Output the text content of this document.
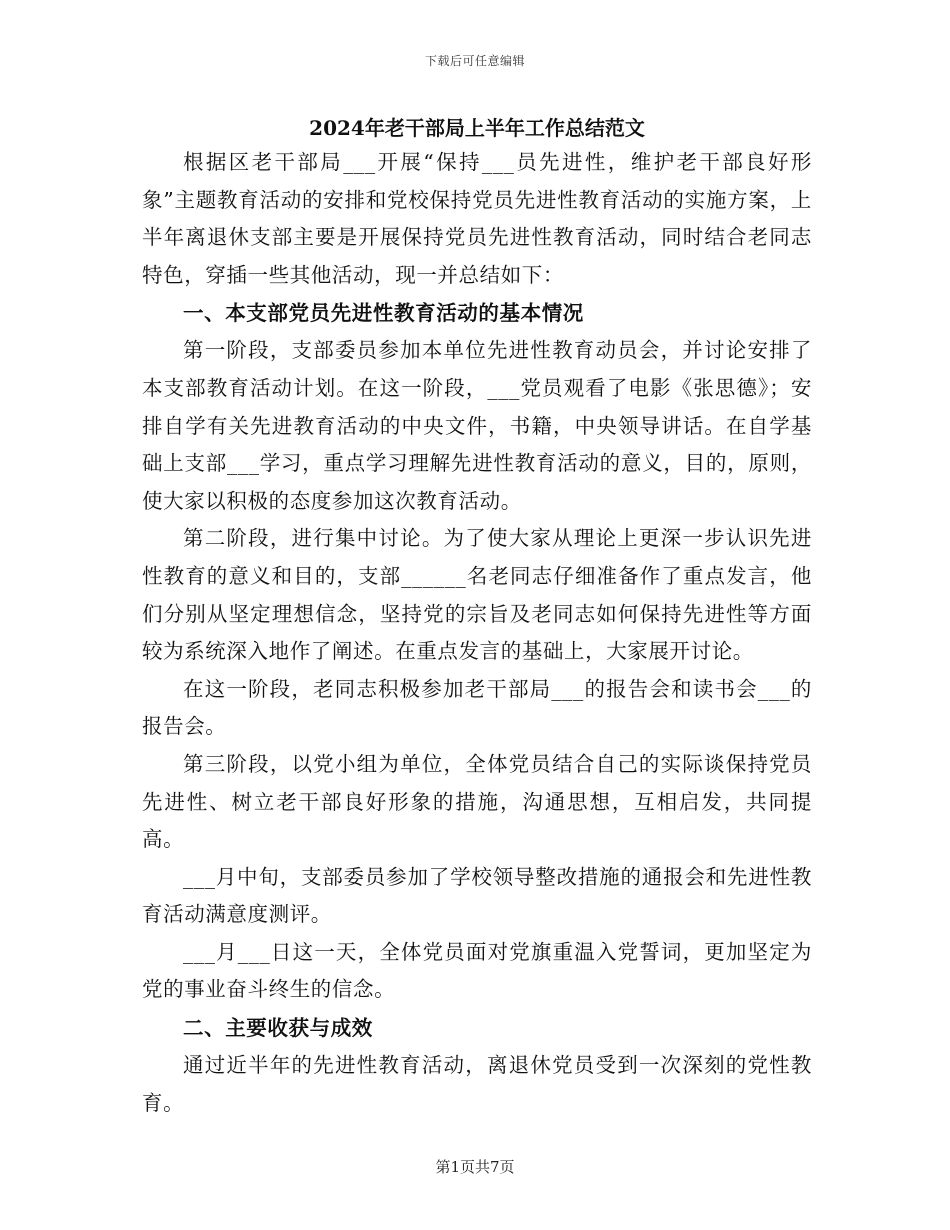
下载后可任意编辑
2024年老干部局上半年工作总结范文

根据区老干部局___开展“保持___员先进性，维护老干部良好形象”主题教育活动的安排和党校保持党员先进性教育活动的实施方案，上半年离退休支部主要是开展保持党员先进性教育活动，同时结合老同志特色，穿插一些其他活动，现一并总结如下：

一、本支部党员先进性教育活动的基本情况

第一阶段，支部委员参加本单位先进性教育动员会，并讨论安排了本支部教育活动计划。在这一阶段，___党员观看了电影《张思德》；安排自学有关先进教育活动的中央文件，书籍，中央领导讲话。在自学基础上支部___学习，重点学习理解先进性教育活动的意义，目的，原则，使大家以积极的态度参加这次教育活动。

第二阶段，进行集中讨论。为了使大家从理论上更深一步认识先进性教育的意义和目的，支部______名老同志仔细准备作了重点发言，他们分别从坚定理想信念，坚持党的宗旨及老同志如何保持先进性等方面较为系统深入地作了阐述。在重点发言的基础上，大家展开讨论。

在这一阶段，老同志积极参加老干部局___的报告会和读书会___的报告会。

第三阶段，以党小组为单位，全体党员结合自己的实际谈保持党员先进性、树立老干部良好形象的措施，沟通思想，互相启发，共同提高。

___月中旬，支部委员参加了学校领导整改措施的通报会和先进性教育活动满意度测评。

___月___日这一天，全体党员面对党旗重温入党誓词，更加坚定为党的事业奋斗终生的信念。

二、主要收获与成效

通过近半年的先进性教育活动，离退休党员受到一次深刻的党性教育。

第1页共7页
